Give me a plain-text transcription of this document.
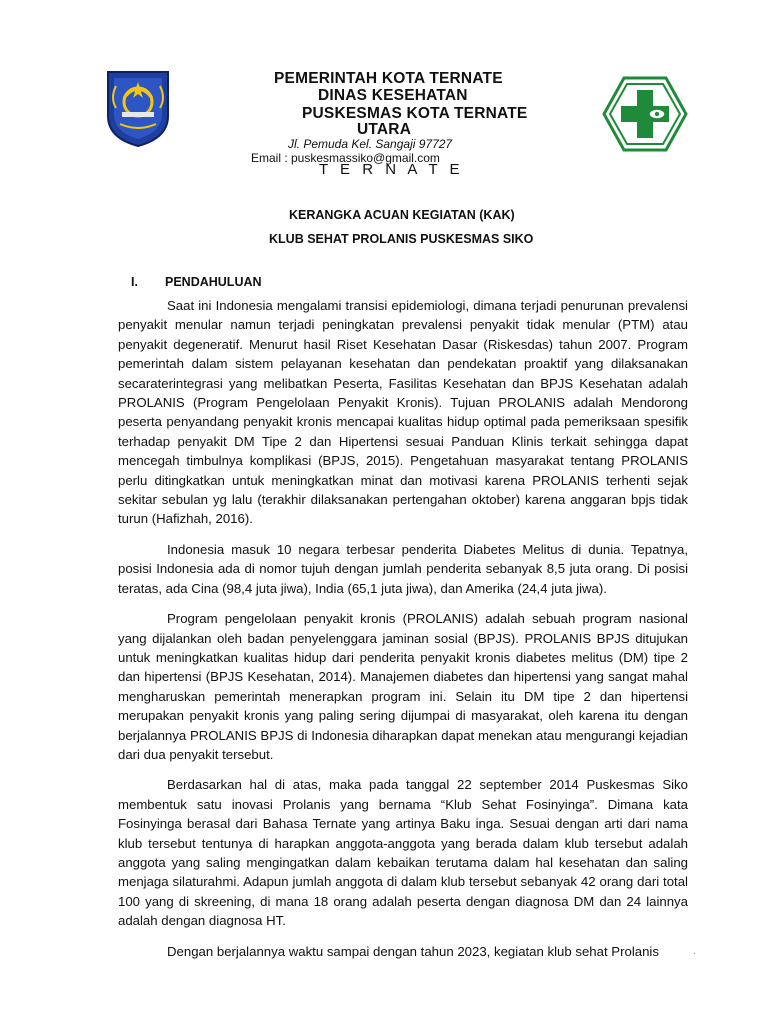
PEMERINTAH KOTA TERNATE
DINAS KESEHATAN
PUSKESMAS KOTA TERNATE
UTARA
Jl. Pemuda Kel. Sangaji 97727
Email : puskesmassiko@gmail.com
T E R N A T E
KERANGKA ACUAN KEGIATAN (KAK)
KLUB SEHAT PROLANIS PUSKESMAS SIKO
I. PENDAHULUAN

Saat ini Indonesia mengalami transisi epidemiologi, dimana terjadi penurunan prevalensi penyakit menular namun terjadi peningkatan prevalensi penyakit tidak menular (PTM) atau penyakit degeneratif. Menurut hasil Riset Kesehatan Dasar (Riskesdas) tahun 2007. Program pemerintah dalam sistem pelayanan kesehatan dan pendekatan proaktif yang dilaksanakan secaraterintegrasi yang melibatkan Peserta, Fasilitas Kesehatan dan BPJS Kesehatan adalah PROLANIS (Program Pengelolaan Penyakit Kronis). Tujuan PROLANIS adalah Mendorong peserta penyandang penyakit kronis mencapai kualitas hidup optimal pada pemeriksaan spesifik terhadap penyakit DM Tipe 2 dan Hipertensi sesuai Panduan Klinis terkait sehingga dapat mencegah timbulnya komplikasi (BPJS, 2015). Pengetahuan masyarakat tentang PROLANIS perlu ditingkatkan untuk meningkatkan minat dan motivasi karena PROLANIS terhenti sejak sekitar sebulan yg lalu (terakhir dilaksanakan pertengahan oktober) karena anggaran bpjs tidak turun (Hafizhah, 2016).

Indonesia masuk 10 negara terbesar penderita Diabetes Melitus di dunia. Tepatnya, posisi Indonesia ada di nomor tujuh dengan jumlah penderita sebanyak 8,5 juta orang. Di posisi teratas, ada Cina (98,4 juta jiwa), India (65,1 juta jiwa), dan Amerika (24,4 juta jiwa).

Program pengelolaan penyakit kronis (PROLANIS) adalah sebuah program nasional yang dijalankan oleh badan penyelenggara jaminan sosial (BPJS). PROLANIS BPJS ditujukan untuk meningkatkan kualitas hidup dari penderita penyakit kronis diabetes melitus (DM) tipe 2 dan hipertensi (BPJS Kesehatan, 2014). Manajemen diabetes dan hipertensi yang sangat mahal mengharuskan pemerintah menerapkan program ini. Selain itu DM tipe 2 dan hipertensi merupakan penyakit kronis yang paling sering dijumpai di masyarakat, oleh karena itu dengan berjalannya PROLANIS BPJS di Indonesia diharapkan dapat menekan atau mengurangi kejadian dari dua penyakit tersebut.

Berdasarkan hal di atas, maka pada tanggal 22 september 2014 Puskesmas Siko membentuk satu inovasi Prolanis yang bernama “Klub Sehat Fosinyinga”. Dimana kata Fosinyinga berasal dari Bahasa Ternate yang artinya Baku inga. Sesuai dengan arti dari nama klub tersebut tentunya di harapkan anggota-anggota yang berada dalam klub tersebut adalah anggota yang saling mengingatkan dalam kebaikan terutama dalam hal kesehatan dan saling menjaga silaturahmi. Adapun jumlah anggota di dalam klub tersebut sebanyak 42 orang dari total 100 yang di skreening, di mana 18 orang adalah peserta dengan diagnosa DM dan 24 lainnya adalah dengan diagnosa HT.

Dengan berjalannya waktu sampai dengan tahun 2023, kegiatan klub sehat Prolanis	.
